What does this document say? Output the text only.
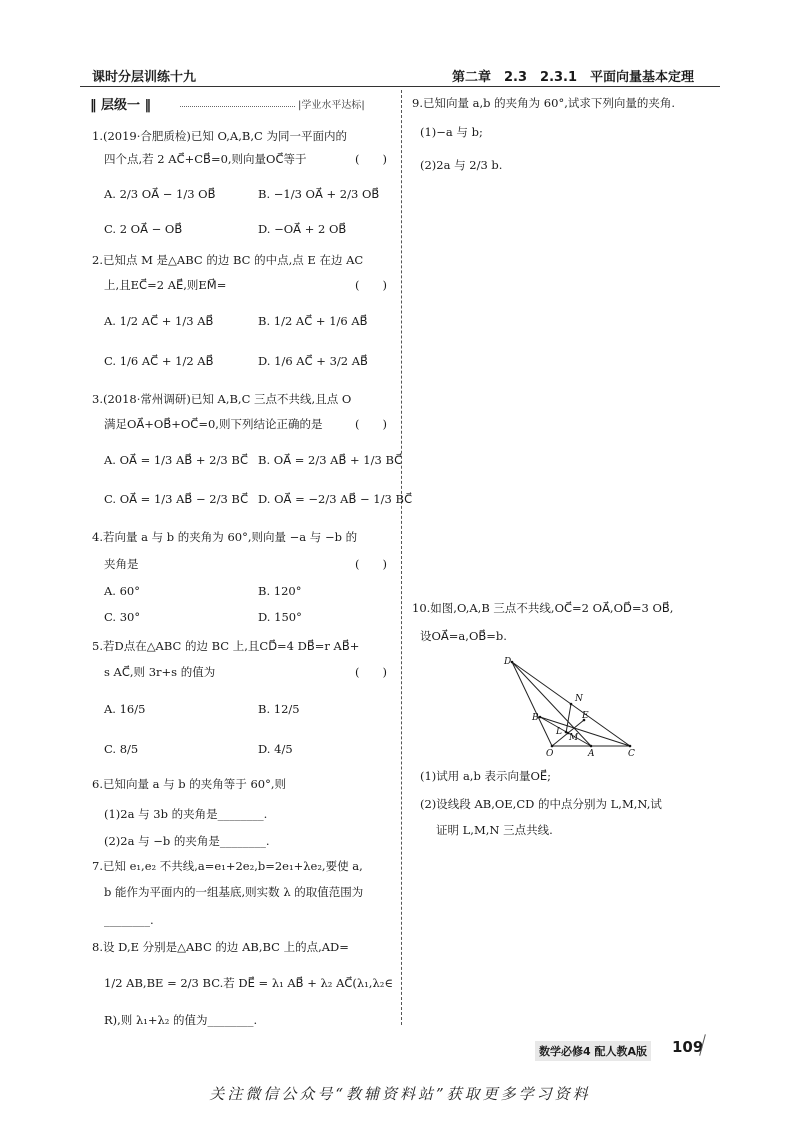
课时分层训练十九	第二章　2.3　2.3.1　平面向量基本定理
‖ 层级一 ‖	|学业水平达标|
1.(2019·合肥质检)已知 O,A,B,C 为同一平面内的
四个点,若 2 AC⃗+CB⃗=0,则向量OC⃗等于	(　　)
A. 2/3 OA⃗ − 1/3 OB⃗	B. −1/3 OA⃗ + 2/3 OB⃗
C. 2 OA⃗ − OB⃗	D. −OA⃗ + 2 OB⃗
2.已知点 M 是△ABC 的边 BC 的中点,点 E 在边 AC
上,且EC⃗=2 AE⃗,则EM⃗=	(　　)
A. 1/2 AC⃗ + 1/3 AB⃗	B. 1/2 AC⃗ + 1/6 AB⃗
C. 1/6 AC⃗ + 1/2 AB⃗	D. 1/6 AC⃗ + 3/2 AB⃗
3.(2018·常州调研)已知 A,B,C 三点不共线,且点 O
满足OA⃗+OB⃗+OC⃗=0,则下列结论正确的是	(　　)
A. OA⃗ = 1/3 AB⃗ + 2/3 BC⃗ B. OA⃗ = 2/3 AB⃗ + 1/3 BC⃗
C. OA⃗ = 1/3 AB⃗ − 2/3 BC⃗ D. OA⃗ = −2/3 AB⃗ − 1/3 BC⃗
4.若向量 a 与 b 的夹角为 60°,则向量 −a 与 −b 的
夹角是	(　　)
A. 60°	B. 120°
C. 30°	D. 150°
5.若D点在△ABC 的边 BC 上,且CD⃗=4 DB⃗=r AB⃗+
s AC⃗,则 3r+s 的值为	(　　)
A. 16/5	B. 12/5
C. 8/5	D. 4/5
6.已知向量 a 与 b 的夹角等于 60°,则
(1)2a 与 3b 的夹角是________.
(2)2a 与 −b 的夹角是________.
7.已知 e₁,e₂ 不共线,a=e₁+2e₂,b=2e₁+λe₂,要使 a,
b 能作为平面内的一组基底,则实数 λ 的取值范围为
________.
8.设 D,E 分别是△ABC 的边 AB,BC 上的点,AD=
1/2 AB,BE = 2/3 BC.若 DE⃗ = λ₁ AB⃗ + λ₂ AC⃗(λ₁,λ₂∈
R),则 λ₁+λ₂ 的值为________.
9.已知向量 a,b 的夹角为 60°,试求下列向量的夹角.
(1)−a 与 b;
(2)2a 与 2/3 b.
10.如图,O,A,B 三点不共线,OC⃗=2 OA⃗,OD⃗=3 OB⃗,
设OA⃗=a,OB⃗=b.
D
N
B	E
L
M
O	A	C
(1)试用 a,b 表示向量OE⃗;
(2)设线段 AB,OE,CD 的中点分别为 L,M,N,试
证明 L,M,N 三点共线.
数学必修4 配人教A版 109
关注微信公众号“教辅资料站”获取更多学习资料
